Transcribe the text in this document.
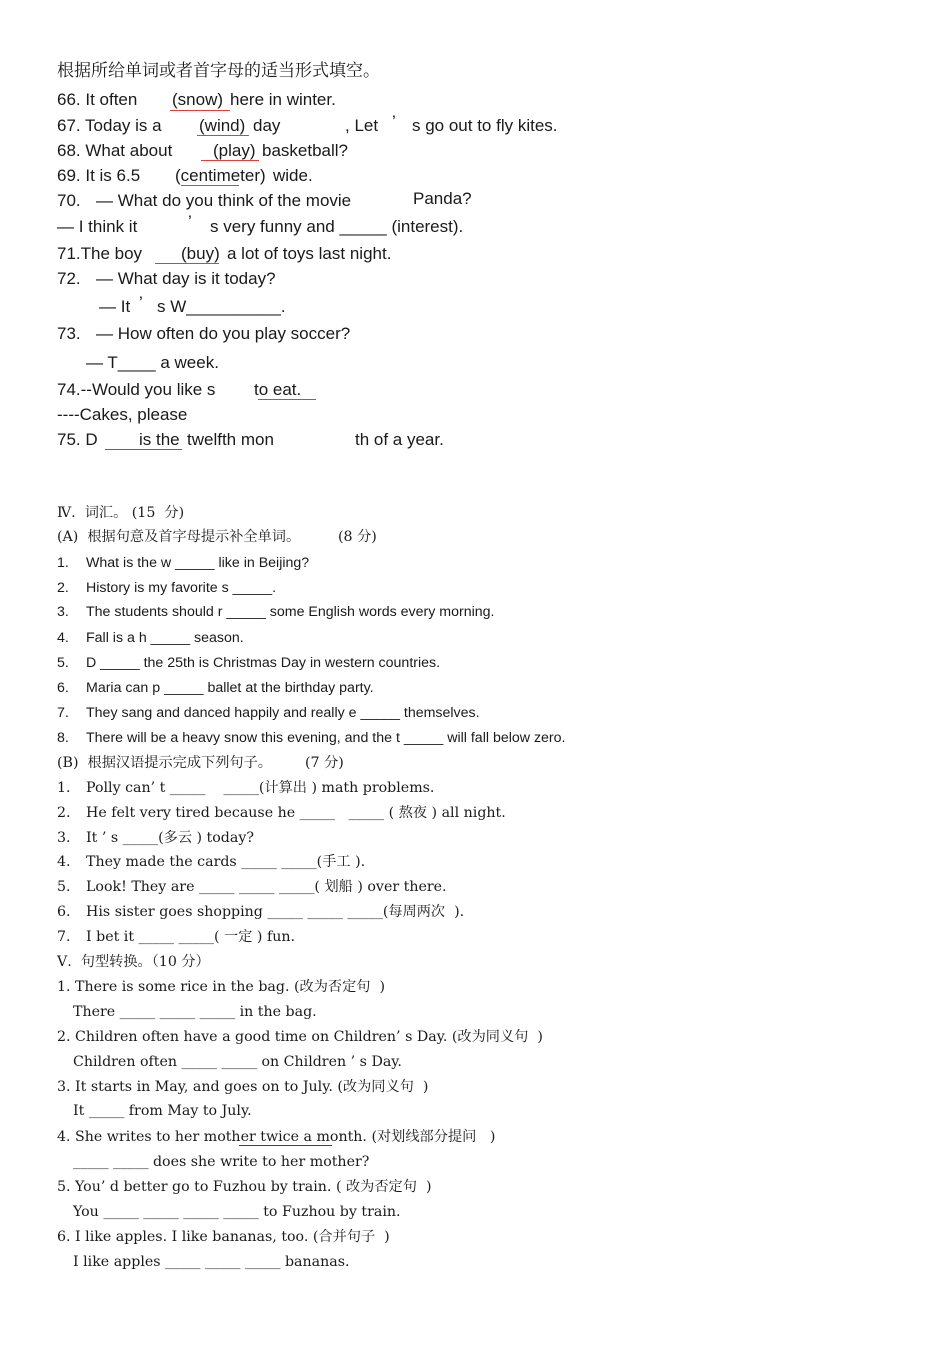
根据所给单词或者首字母的适当形式填空。
66. It often (snow) here in winter.
67. Today is a (wind) day	, Let ’ s go out to fly kites.
68. What about (play) basketball?
69. It is 6.5 (centimeter) wide.
70. — What do you think of the movie	Panda?
— I think it	’ s very funny and _____ (interest).
71.The boy (buy) a lot of toys last night.
72. — What day is it today?
— It ’ s W__________.
73. — How often do you play soccer?
— T____ a week.
74.--Would you like s to eat.
----Cakes, please
75. D is the twelfth mon	th of a year.
Ⅳ.  词汇。 (15  分)
(A)  根据句意及首字母提示补全单词。	(8 分)
1. What is the w _____ like in Beijing?
2. History is my favorite s _____.
3. The students should r _____ some English words every morning.
4. Fall is a h _____ season.
5. D _____ the 25th is Christmas Day in western countries.
6. Maria can p _____ ballet at the birthday party.
7. They sang and danced happily and really e _____ themselves.
8. There will be a heavy snow this evening, and the t _____ will fall below zero.
(B)  根据汉语提示完成下列句子。 (7 分)
1. Polly can’ t _____    _____(计算出 ) math problems.
2. He felt very tired because he _____   _____ ( 熬夜 ) all night.
3. It ’ s _____(多云 ) today?
4. They made the cards _____ _____(手工 ).
5. Look! They are _____ _____ _____( 划船 ) over there.
6. His sister goes shopping _____ _____ _____(每周两次  ).
7. I bet it _____ _____( 一定 ) fun.
Ⅴ.  句型转换。（10 分）
1. There is some rice in the bag. (改为否定句  )
There _____ _____ _____ in the bag.
2. Children often have a good time on Children’ s Day. (改为同义句  )
Children often _____ _____ on Children ’ s Day.
3. It starts in May, and goes on to July. (改为同义句  )
It _____ from May to July.
4. She writes to her mother twice a month. (对划线部分提问   )
_____ _____ does she write to her mother?
5. You’ d better go to Fuzhou by train. ( 改为否定句  )
You _____ _____ _____ _____ to Fuzhou by train.
6. I like apples. I like bananas, too. (合并句子  )
I like apples _____ _____ _____ bananas.
